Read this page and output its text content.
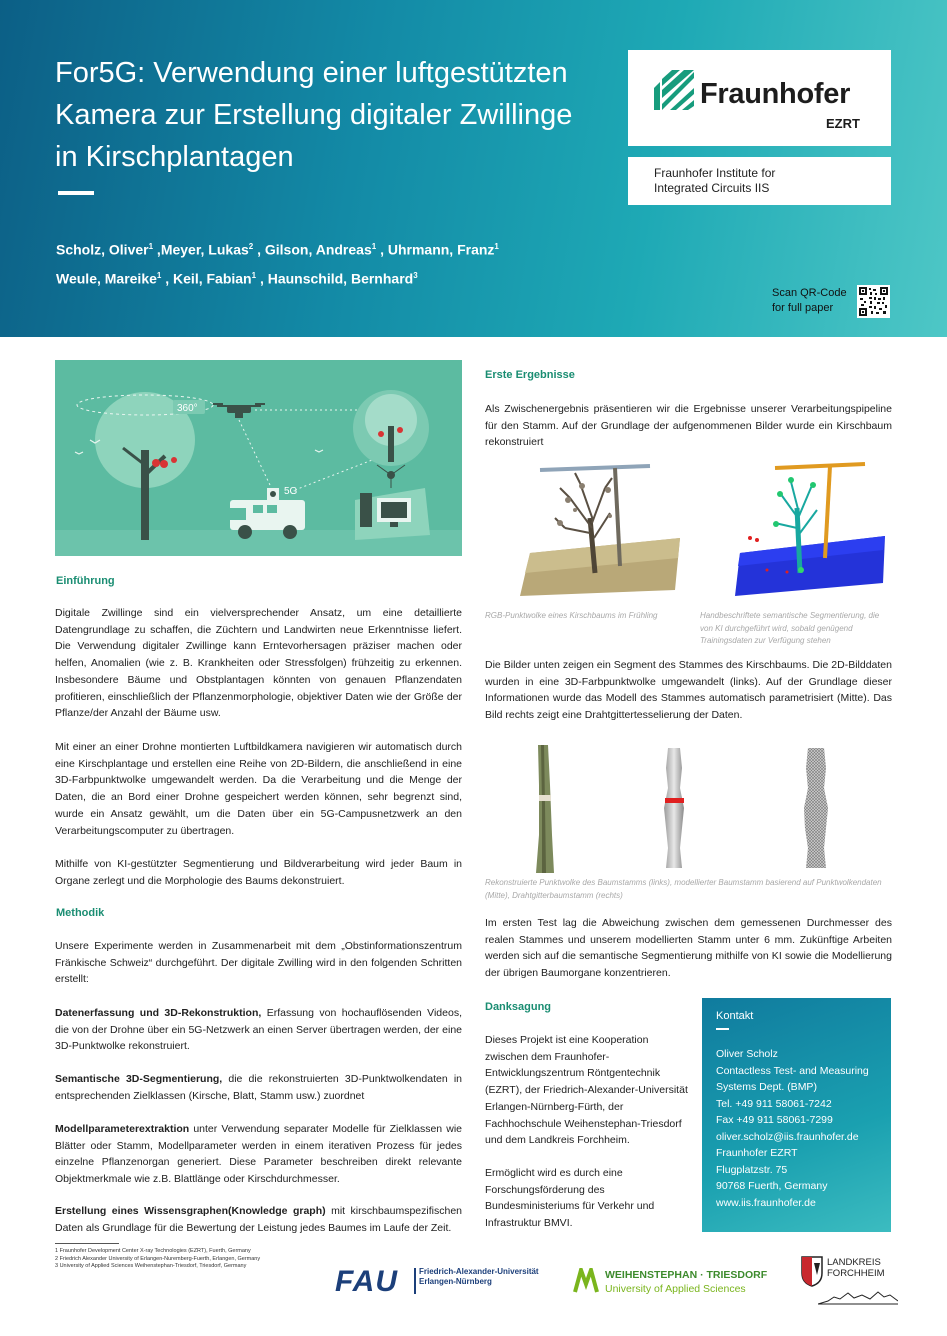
For5G: Verwendung einer luftgestützten
Kamera zur Erstellung digitaler Zwillinge
in Kirschplantagen
Scholz, Oliver$^1$ ,Meyer, Lukas$^2$ , Gilson, Andreas$^1$ , Uhrmann, Franz$^1$
Weule, Mareike$^1$ , Keil, Fabian$^1$ , Haunschild, Bernhard$^3$
Fraunhofer
EZRT
Fraunhofer Institute for
Integrated Circuits IIS
Scan QR-Code
for full paper
360°
5G
Einführung
Digitale Zwillinge sind ein vielversprechender Ansatz, um eine detaillierte Datengrundlage zu schaffen, die Züchtern und Landwirten neue Erkenntnisse liefert. Die Verwendung digitaler Zwillinge kann Erntevorhersagen präziser machen oder helfen, Anomalien (wie z. B. Krankheiten oder Stressfolgen) frühzeitig zu erkennen. Insbesondere Bäume und Obstplantagen könnten von genauen Pflanzendaten profitieren, einschließlich der Pflanzenmorphologie, objektiver Daten wie der Größe der Pflanze/der Anzahl der Bäume usw.
Mit einer an einer Drohne montierten Luftbildkamera navigieren wir automatisch durch eine Kirschplantage und erstellen eine Reihe von 2D-Bildern, die anschließend in eine 3D-Farbpunktwolke umgewandelt werden. Da die Verarbeitung und die Menge der Daten, die an Bord einer Drohne gespeichert werden können, sehr begrenzt sind, wurde ein Ansatz gewählt, um die Daten über ein 5G-Campusnetzwerk an den Verarbeitungscomputer zu übertragen.
Mithilfe von KI-gestützter Segmentierung und Bildverarbeitung wird jeder Baum in Organe zerlegt und die Morphologie des Baums dekonstruiert.
Methodik
Unsere Experimente werden in Zusammenarbeit mit dem „Obstinformationszentrum Fränkische Schweiz“ durchgeführt. Der digitale Zwilling wird in den folgenden Schritten erstellt:
Datenerfassung und 3D-Rekonstruktion, Erfassung von hochauflösenden Videos, die von der Drohne über ein 5G-Netzwerk an einen Server übertragen werden, der eine 3D-Punktwolke rekonstruiert.
Semantische 3D-Segmentierung, die die rekonstruierten 3D-Punktwolkendaten in entsprechenden Zielklassen (Kirsche, Blatt, Stamm usw.) zuordnet
Modellparameterextraktion unter Verwendung separater Modelle für Zielklassen wie Blätter oder Stamm, Modellparameter werden in einem iterativen Prozess für jedes einzelne Pflanzenorgan generiert. Diese Parameter beschreiben direkt relevante Objektmerkmale wie z.B. Blattlänge oder Kirschdurchmesser.
Erstellung eines Wissensgraphen(Knowledge graph) mit kirschbaumspezifischen Daten als Grundlage für die Bewertung der Leistung jedes Baumes im Laufe der Zeit.
Erste Ergebnisse
Als Zwischenergebnis präsentieren wir die Ergebnisse unserer Verarbeitungspipeline für den Stamm. Auf der Grundlage der aufgenommenen Bilder wurde ein Kirschbaum rekonstruiert
RGB-Punktwolke eines Kirschbaums im Frühling	Handbeschriftete semantische Segmentierung, die von KI durchgeführt wird, sobald genügend Trainingsdaten zur Verfügung stehen
Die Bilder unten zeigen ein Segment des Stammes des Kirschbaums. Die 2D-Bilddaten wurden in eine 3D-Farbpunktwolke umgewandelt (links). Auf der Grundlage dieser Informationen wurde das Modell des Stammes automatisch parametrisiert (Mitte). Das Bild rechts zeigt eine Drahtgittertesselierung der Daten.
Rekonstruierte Punktwolke des Baumstamms (links), modellierter Baumstamm basierend auf Punktwolkendaten (Mitte), Drahtgitterbaumstamm (rechts)
Im ersten Test lag die Abweichung zwischen dem gemessenen Durchmesser des realen Stammes und unserem modellierten Stamm unter 6 mm. Zukünftige Arbeiten werden sich auf die semantische Segmentierung mithilfe von KI sowie die Modellierung der übrigen Baumorgane konzentrieren.
Danksagung
Dieses Projekt ist eine Kooperation zwischen dem Fraunhofer-Entwicklungszentrum Röntgentechnik (EZRT), der Friedrich-Alexander-Universität Erlangen-Nürnberg-Fürth, der Fachhochschule Weihenstephan-Triesdorf und dem Landkreis Forchheim.
Ermöglicht wird es durch eine Forschungsförderung des Bundesministeriums für Verkehr und Infrastruktur BMVI.
Kontakt
Oliver Scholz
Contactless Test- and Measuring
Systems Dept. (BMP)
Tel. +49 911 58061-7242
Fax +49 911 58061-7299
oliver.scholz@iis.fraunhofer.de
Fraunhofer EZRT
Flugplatzstr. 75
90768 Fuerth, Germany
www.iis.fraunhofer.de
1 Fraunhofer Development Center X-ray Technologies (EZRT), Fuerth, Germany
2 Friedrich Alexander University of Erlangen-Nuremberg-Fuerth, Erlangen, Germany
3 University of Applied Sciences Weihenstephan-Triesdorf, Triesdorf, Germany	FAU	Friedrich-Alexander-Universität
Erlangen-Nürnberg
WEIHENSTEPHAN · TRIESDORF
University of Applied Sciences
LANDKREIS
FORCHHEIM
